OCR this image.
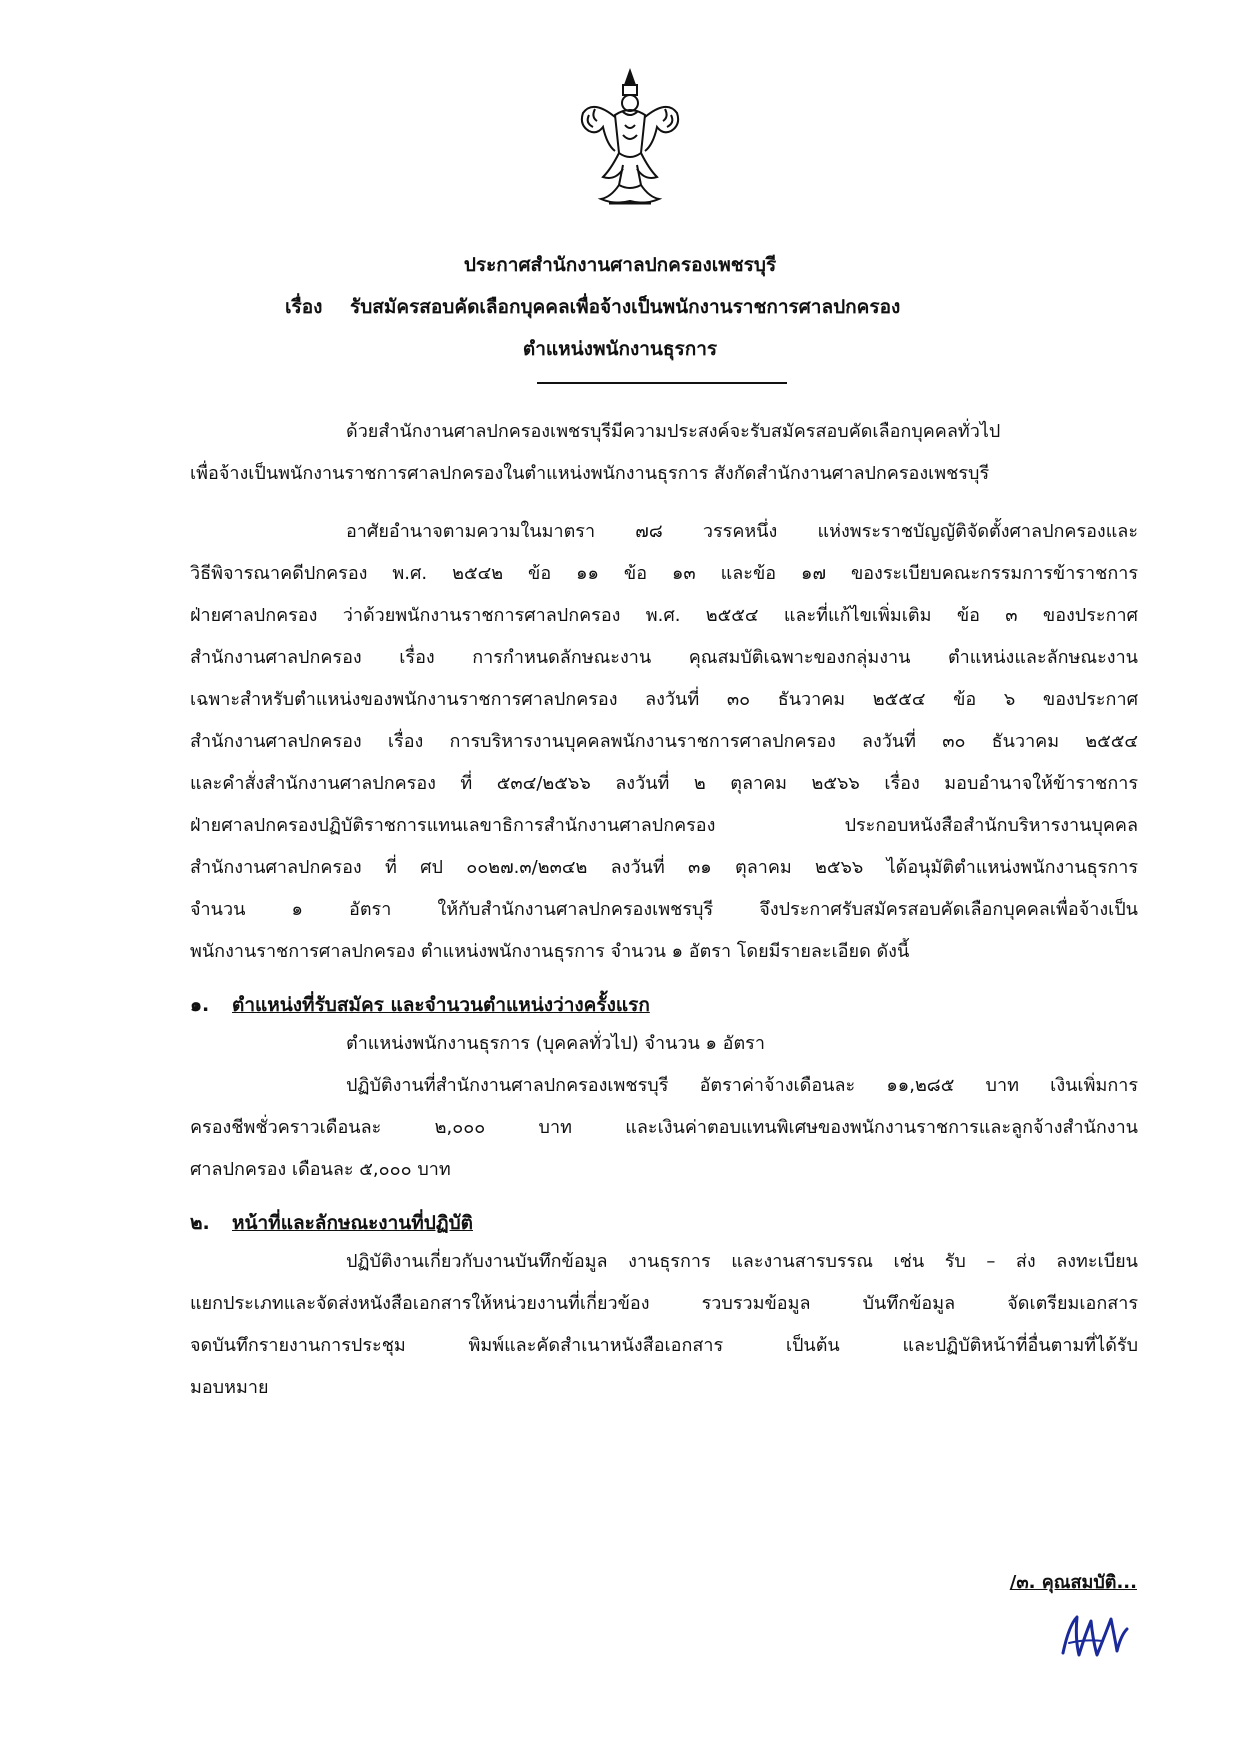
ประกาศสำนักงานศาลปกครองเพชรบุรี
เรื่อง รับสมัครสอบคัดเลือกบุคคลเพื่อจ้างเป็นพนักงานราชการศาลปกครอง
ตำแหน่งพนักงานธุรการ
ด้วยสำนักงานศาลปกครองเพชรบุรีมีความประสงค์จะรับสมัครสอบคัดเลือกบุคคลทั่วไป
เพื่อจ้างเป็นพนักงานราชการศาลปกครองในตำแหน่งพนักงานธุรการ สังกัดสำนักงานศาลปกครองเพชรบุรี
อาศัยอำนาจตามความในมาตรา ๗๘ วรรคหนึ่ง แห่งพระราชบัญญัติจัดตั้งศาลปกครองและ
วิธีพิจารณาคดีปกครอง พ.ศ. ๒๕๔๒ ข้อ ๑๑ ข้อ ๑๓ และข้อ ๑๗ ของระเบียบคณะกรรมการข้าราชการ
ฝ่ายศาลปกครอง ว่าด้วยพนักงานราชการศาลปกครอง พ.ศ. ๒๕๕๔ และที่แก้ไขเพิ่มเติม ข้อ ๓ ของประกาศ
สำนักงานศาลปกครอง เรื่อง การกำหนดลักษณะงาน คุณสมบัติเฉพาะของกลุ่มงาน ตำแหน่งและลักษณะงาน
เฉพาะสำหรับตำแหน่งของพนักงานราชการศาลปกครอง ลงวันที่ ๓๐ ธันวาคม ๒๕๕๔ ข้อ ๖ ของประกาศ
สำนักงานศาลปกครอง เรื่อง การบริหารงานบุคคลพนักงานราชการศาลปกครอง ลงวันที่ ๓๐ ธันวาคม ๒๕๕๔
และคำสั่งสำนักงานศาลปกครอง ที่ ๕๓๔/๒๕๖๖ ลงวันที่ ๒ ตุลาคม ๒๕๖๖ เรื่อง มอบอำนาจให้ข้าราชการ
ฝ่ายศาลปกครองปฏิบัติราชการแทนเลขาธิการสำนักงานศาลปกครอง ประกอบหนังสือสำนักบริหารงานบุคคล
สำนักงานศาลปกครอง ที่ ศป ๐๐๒๗.๓/๒๓๔๒ ลงวันที่ ๓๑ ตุลาคม ๒๕๖๖ ได้อนุมัติตำแหน่งพนักงานธุรการ
จำนวน ๑ อัตรา ให้กับสำนักงานศาลปกครองเพชรบุรี จึงประกาศรับสมัครสอบคัดเลือกบุคคลเพื่อจ้างเป็น
พนักงานราชการศาลปกครอง ตำแหน่งพนักงานธุรการ จำนวน ๑ อัตรา โดยมีรายละเอียด ดังนี้
๑. ตำแหน่งที่รับสมัคร และจำนวนตำแหน่งว่างครั้งแรก
ตำแหน่งพนักงานธุรการ (บุคคลทั่วไป) จำนวน ๑ อัตรา
ปฏิบัติงานที่สำนักงานศาลปกครองเพชรบุรี อัตราค่าจ้างเดือนละ ๑๑,๒๘๕ บาท เงินเพิ่มการ
ครองชีพชั่วคราวเดือนละ ๒,๐๐๐ บาท และเงินค่าตอบแทนพิเศษของพนักงานราชการและลูกจ้างสำนักงาน
ศาลปกครอง เดือนละ ๕,๐๐๐ บาท
๒. หน้าที่และลักษณะงานที่ปฏิบัติ
ปฏิบัติงานเกี่ยวกับงานบันทึกข้อมูล งานธุรการ และงานสารบรรณ เช่น รับ – ส่ง ลงทะเบียน
แยกประเภทและจัดส่งหนังสือเอกสารให้หน่วยงานที่เกี่ยวข้อง รวบรวมข้อมูล บันทึกข้อมูล จัดเตรียมเอกสาร
จดบันทึกรายงานการประชุม พิมพ์และคัดสำเนาหนังสือเอกสาร เป็นต้น และปฏิบัติหน้าที่อื่นตามที่ได้รับ
มอบหมาย
/๓. คุณสมบัติ...
